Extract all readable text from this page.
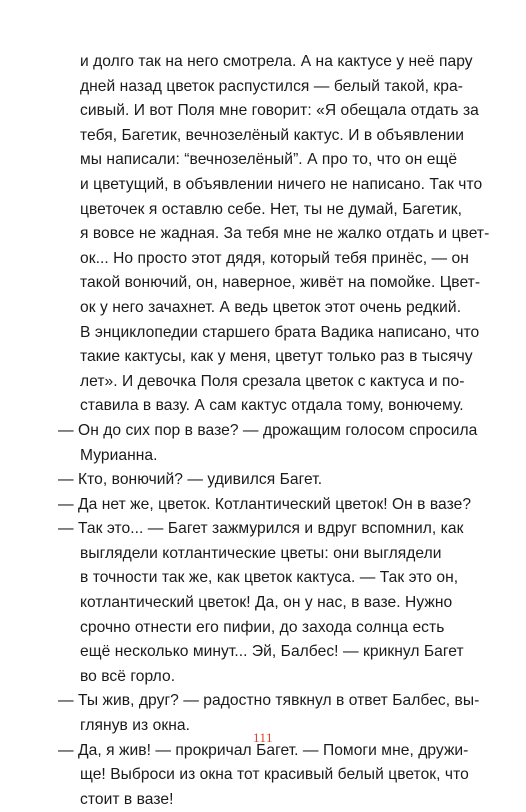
и долго так на него смотрела. А на кактусе у неё пару
дней назад цветок распустился — белый такой, кра-
сивый. И вот Поля мне говорит: «Я обещала отдать за
тебя, Багетик, вечнозелёный кактус. И в объявлении
мы написали: “вечнозелёный”. А про то, что он ещё
и цветущий, в объявлении ничего не написано. Так что
цветочек я оставлю себе. Нет, ты не думай, Багетик,
я вовсе не жадная. За тебя мне не жалко отдать и цвет-
ок... Но просто этот дядя, который тебя принёс, — он
такой вонючий, он, наверное, живёт на помойке. Цвет-
ок у него зачахнет. А ведь цветок этот очень редкий.
В энциклопедии старшего брата Вадика написано, что
такие кактусы, как у меня, цветут только раз в тысячу
лет». И девочка Поля срезала цветок с кактуса и по-
ставила в вазу. А сам кактус отдала тому, вонючему.
— Он до сих пор в вазе? — дрожащим голосом спросила
Мурианна.
— Кто, вонючий? — удивился Багет.
— Да нет же, цветок. Котлантический цветок! Он в вазе?
— Так это... — Багет зажмурился и вдруг вспомнил, как
выглядели котлантические цветы: они выглядели
в точности так же, как цветок кактуса. — Так это он,
котлантический цветок! Да, он у нас, в вазе. Нужно
срочно отнести его пифии, до захода солнца есть
ещё несколько минут... Эй, Балбес! — крикнул Багет
во всё горло.
— Ты жив, друг? — радостно тявкнул в ответ Балбес, вы-
глянув из окна.
— Да, я жив! — прокричал Багет. — Помоги мне, дружи-
ще! Выброси из окна тот красивый белый цветок, что
стоит в вазе!
111
